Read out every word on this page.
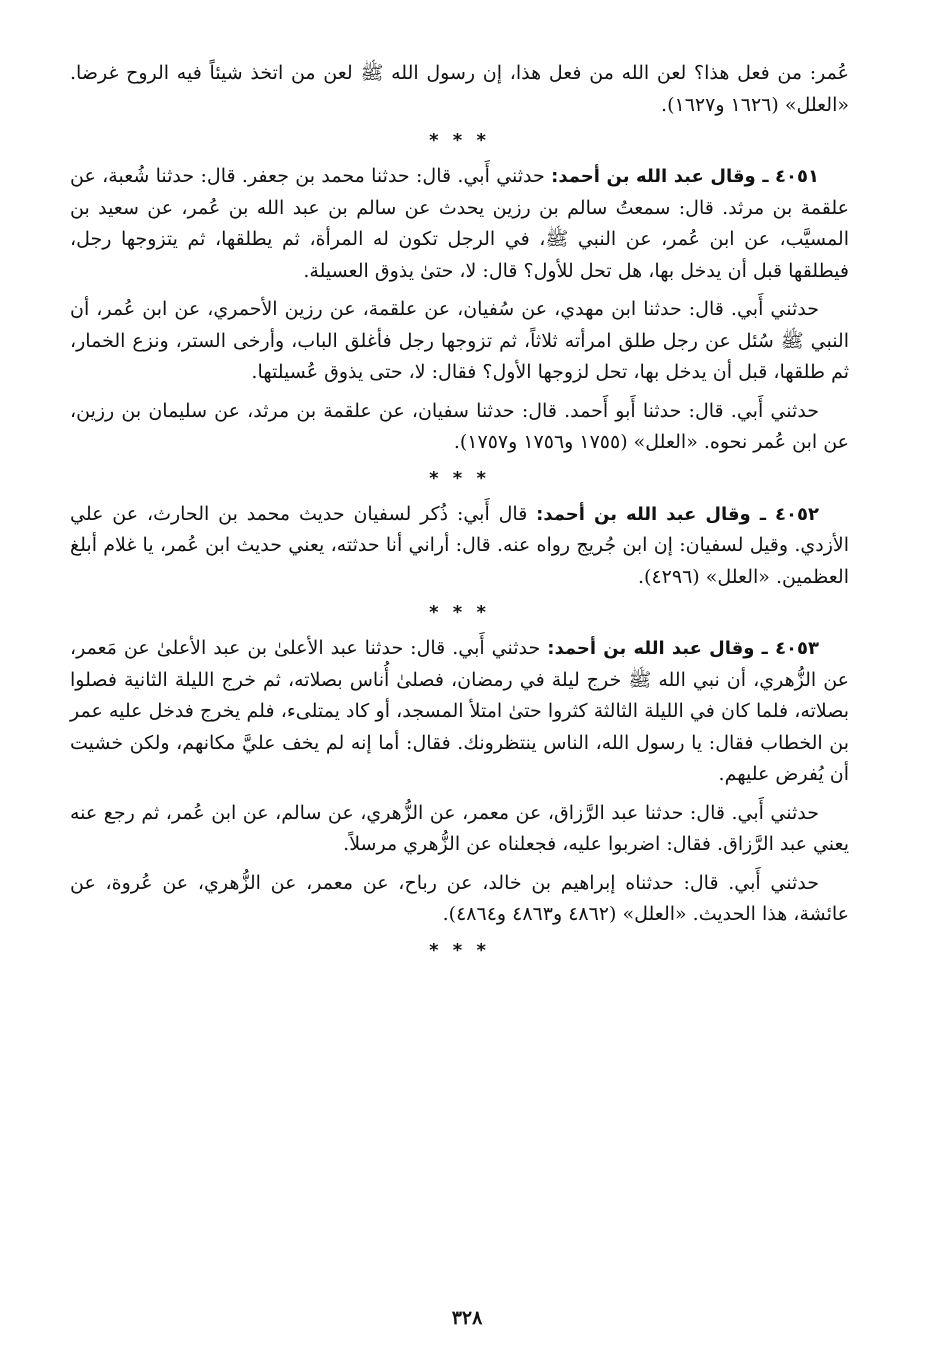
عُمر: من فعل هذا؟ لعن الله من فعل هذا، إن رسول الله ﷺ لعن من اتخذ شيئاً فيه الروح غرضا. «العلل» (١٦٢٦ و١٦٢٧).

* * *

٤٠٥١ ـ وقال عبد الله بن أحمد: حدثني أَبي. قال: حدثنا محمد بن جعفر. قال: حدثنا شُعبة، عن علقمة بن مرثد. قال: سمعتُ سالم بن رزين يحدث عن سالم بن عبد الله بن عُمر، عن سعيد بن المسيَّب، عن ابن عُمر، عن النبي ﷺ، في الرجل تكون له المرأة، ثم يطلقها، ثم يتزوجها رجل، فيطلقها قبل أن يدخل بها، هل تحل للأول؟ قال: لا، حتىٰ يذوق العسيلة.

حدثني أَبي. قال: حدثنا ابن مهدي، عن سُفيان، عن علقمة، عن رزين الأحمري، عن ابن عُمر، أن النبي ﷺ سُئل عن رجل طلق امرأته ثلاثاً، ثم تزوجها رجل فأغلق الباب، وأرخى الستر، ونزع الخمار، ثم طلقها، قبل أن يدخل بها، تحل لزوجها الأول؟ فقال: لا، حتى يذوق عُسيلتها.

حدثني أَبي. قال: حدثنا أَبو أَحمد. قال: حدثنا سفيان، عن علقمة بن مرثد، عن سليمان بن رزين، عن ابن عُمر نحوه. «العلل» (١٧٥٥ و١٧٥٦ و١٧٥٧).

* * *

٤٠٥٢ ـ وقال عبد الله بن أحمد: قال أَبي: ذُكر لسفيان حديث محمد بن الحارث، عن علي الأزدي. وقيل لسفيان: إن ابن جُريج رواه عنه. قال: أراني أنا حدثته، يعني حديث ابن عُمر، يا غلام أبلغ العظمين. «العلل» (٤٢٩٦).

* * *

٤٠٥٣ ـ وقال عبد الله بن أحمد: حدثني أَبي. قال: حدثنا عبد الأعلىٰ بن عبد الأعلىٰ عن مَعمر، عن الزُّهري، أن نبي الله ﷺ خرج ليلة في رمضان، فصلىٰ أُناس بصلاته، ثم خرج الليلة الثانية فصلوا بصلاته، فلما كان في الليلة الثالثة كثروا حتىٰ امتلأ المسجد، أو كاد يمتلىء، فلم يخرج فدخل عليه عمر بن الخطاب فقال: يا رسول الله، الناس ينتظرونك. فقال: أما إنه لم يخف عليَّ مكانهم، ولكن خشيت أن يُفرض عليهم.

حدثني أَبي. قال: حدثنا عبد الرَّزاق، عن معمر، عن الزُّهري، عن سالم، عن ابن عُمر، ثم رجع عنه يعني عبد الرَّزاق. فقال: اضربوا عليه، فجعلناه عن الزُّهري مرسلاً.

حدثني أَبي. قال: حدثناه إبراهيم بن خالد، عن رباح، عن معمر، عن الزُّهري، عن عُروة، عن عائشة، هذا الحديث. «العلل» (٤٨٦٢ و٤٨٦٣ و٤٨٦٤).

* * *
٣٢٨
